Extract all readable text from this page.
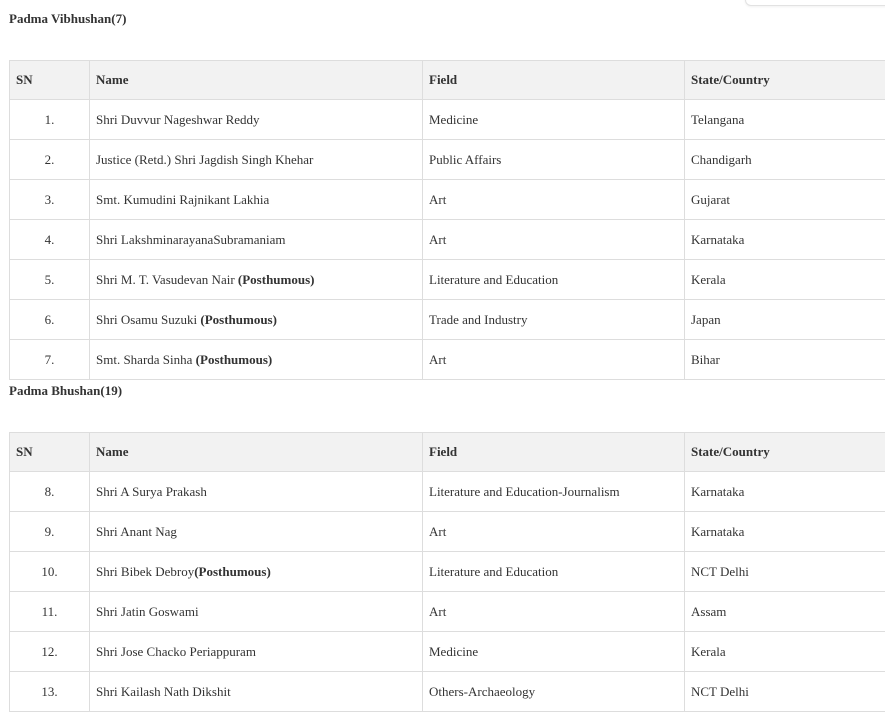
Padma Vibhushan(7)
SN	Name	Field	State/Country
1.	Shri Duvvur Nageshwar Reddy	Medicine	Telangana
2.	Justice (Retd.) Shri Jagdish Singh Khehar	Public Affairs	Chandigarh
3.	Smt. Kumudini Rajnikant Lakhia	Art	Gujarat
4.	Shri LakshminarayanaSubramaniam	Art	Karnataka
5.	Shri M. T. Vasudevan Nair (Posthumous)	Literature and Education	Kerala
6.	Shri Osamu Suzuki (Posthumous)	Trade and Industry	Japan
7.	Smt. Sharda Sinha (Posthumous)	Art	Bihar
Padma Bhushan(19)
SN	Name	Field	State/Country
8.	Shri A Surya Prakash	Literature and Education-Journalism	Karnataka
9.	Shri Anant Nag	Art	Karnataka
10.	Shri Bibek Debroy(Posthumous)	Literature and Education	NCT Delhi
11.	Shri Jatin Goswami	Art	Assam
12.	Shri Jose Chacko Periappuram	Medicine	Kerala
13.	Shri Kailash Nath Dikshit	Others-Archaeology	NCT Delhi
